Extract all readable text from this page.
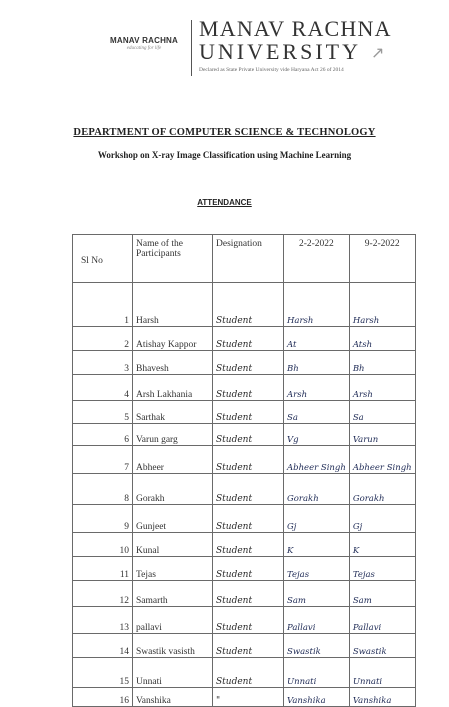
MANAV RACHNA
educating for life
MANAV RACHNA
UNIVERSITY ↗
Declared as State Private University vide Haryana Act 26 of 2014
DEPARTMENT OF COMPUTER SCIENCE & TECHNOLOGY
Workshop on X-ray Image Classification using Machine Learning
ATTENDANCE
Sl No	Name of the Participants	Designation	2-2-2022	9-2-2022
1	Harsh	Student	Harsh	Harsh
2	Atishay Kappor	Student	At	Atsh
3	Bhavesh	Student	Bh	Bh
4	Arsh Lakhania	Student	Arsh	Arsh
5	Sarthak	Student	Sa	Sa
6	Varun garg	Student	Vg	Varun
7	Abheer	Student	Abheer Singh	Abheer Singh
8	Gorakh	Student	Gorakh	Gorakh
9	Gunjeet	Student	Gj	Gj
10	Kunal	Student	K	K
11	Tejas	Student	Tejas	Tejas
12	Samarth	Student	Sam	Sam
13	pallavi	Student	Pallavi	Pallavi
14	Swastik vasisth	Student	Swastik	Swastik
15	Unnati	Student	Unnati	Unnati
16	Vanshika	"	Vanshika	Vanshika
